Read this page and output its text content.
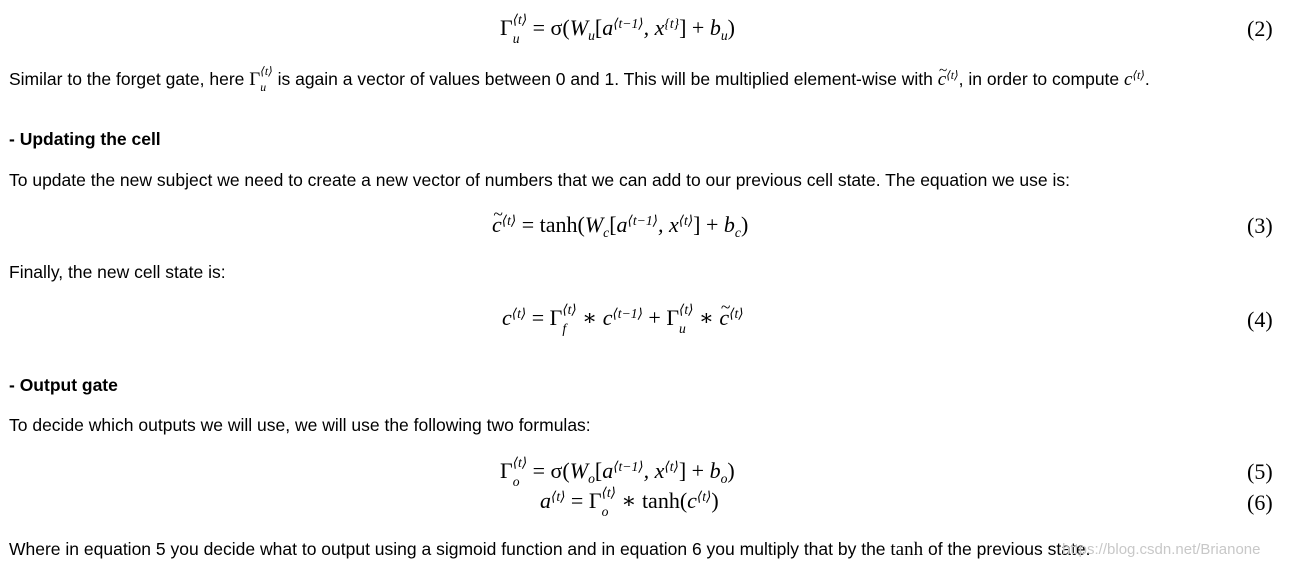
Γ ⟨t⟩
$u = \sigma(W_u[a^{⟨t-1⟩}$, $x^{\{t\}}] + b_u$)	(2)
Similar to the forget gate, here Γ ⟨t⟩
u is again a vector of values between 0 and 1. This will be multiplied element-wise with ~ $c^{⟨t⟩}$, in order to compute $c^{⟨t⟩}$.
- Updating the cell
To update the new subject we need to create a new vector of numbers that we can add to our previous cell state. The equation we use is:
~ $c^{⟨t⟩} = \tanh(W_c[a^{⟨t-1⟩}$, $x^{⟨t⟩}] + b_c$)	(3)
Finally, the new cell state is:
$c^{⟨t⟩} = \Gamma$ ⟨t⟩
f ∗ $c^{⟨t-1⟩} + \Gamma$ ⟨t⟩
u ∗ ~ $c^{⟨t⟩}$	(4)
- Output gate
To decide which outputs we will use, we will use the following two formulas:
Γ ⟨t⟩
$o = \sigma(W_o[a^{⟨t-1⟩}$, $x^{⟨t⟩}] + b_o$)	(5)
$a^{⟨t⟩} = \Gamma$ ⟨t⟩
o ∗ $\tanh(c^{⟨t⟩})$	(6)
Where in equation 5 you decide what to output using a sigmoid function and in equation 6 you multiply that by the tanh of the previous state.
https://blog.csdn.net/Brianone
